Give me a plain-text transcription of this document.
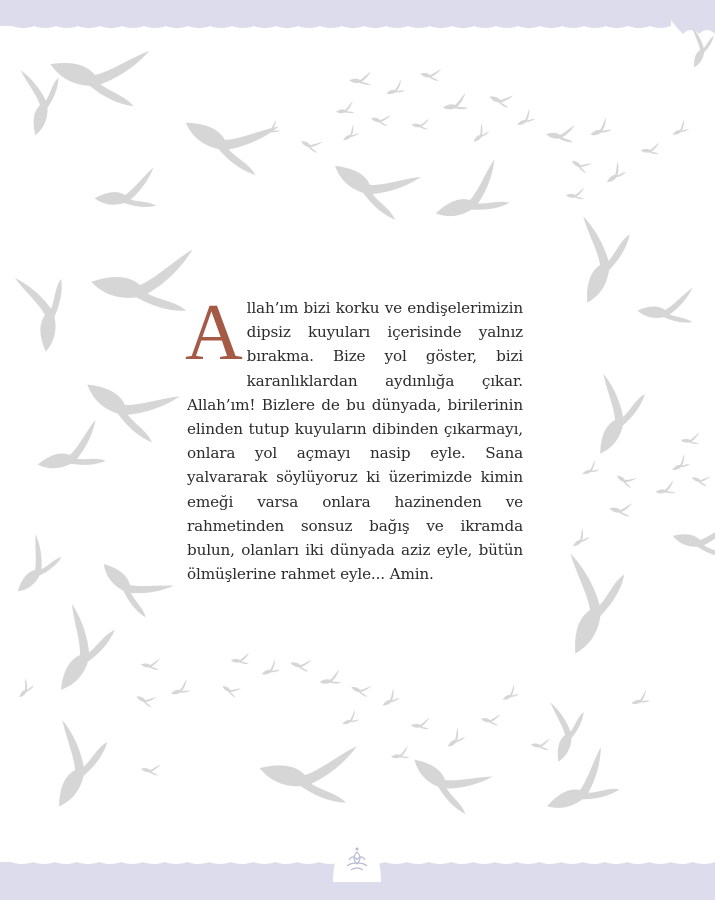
A llah’ım bizi korku ve endişelerimizin dipsiz kuyuları içerisinde yalnız bırakma. Bize yol göster, bizi karanlıklardan aydınlığa çıkar. Allah’ım! Bizlere de bu dünyada, birilerinin elinden tutup kuyuların dibinden çıkarmayı, onlara yol açmayı nasip eyle. Sana yalvararak söylüyoruz ki üzerimizde kimin emeği varsa onlara hazinenden ve rahmetinden sonsuz bağış ve ikramda bulun, olanları iki dünyada aziz eyle, bütün ölmüşlerine rahmet eyle... Amin.
